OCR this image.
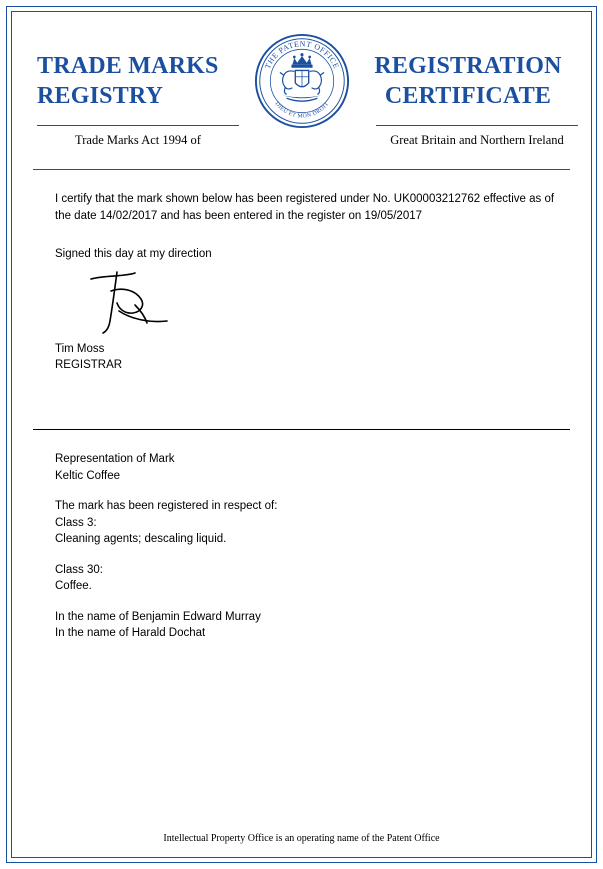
TRADE MARKS
REGISTRY
THE PATENT OFFICE
DIEU ET MON DROIT
REGISTRATION
CERTIFICATE
Trade Marks Act 1994 of	Great Britain and Northern Ireland

I certify that the mark shown below has been registered under No. UK00003212762 effective as of the date 14/02/2017 and has been entered in the register on 19/05/2017

Signed this day at my direction

Tim Moss

REGISTRAR

Representation of Mark

Keltic Coffee

The mark has been registered in respect of:

Class 3:

Cleaning agents; descaling liquid.

Class 30:

Coffee.

In the name of Benjamin Edward Murray

In the name of Harald Dochat

Intellectual Property Office is an operating name of the Patent Office
